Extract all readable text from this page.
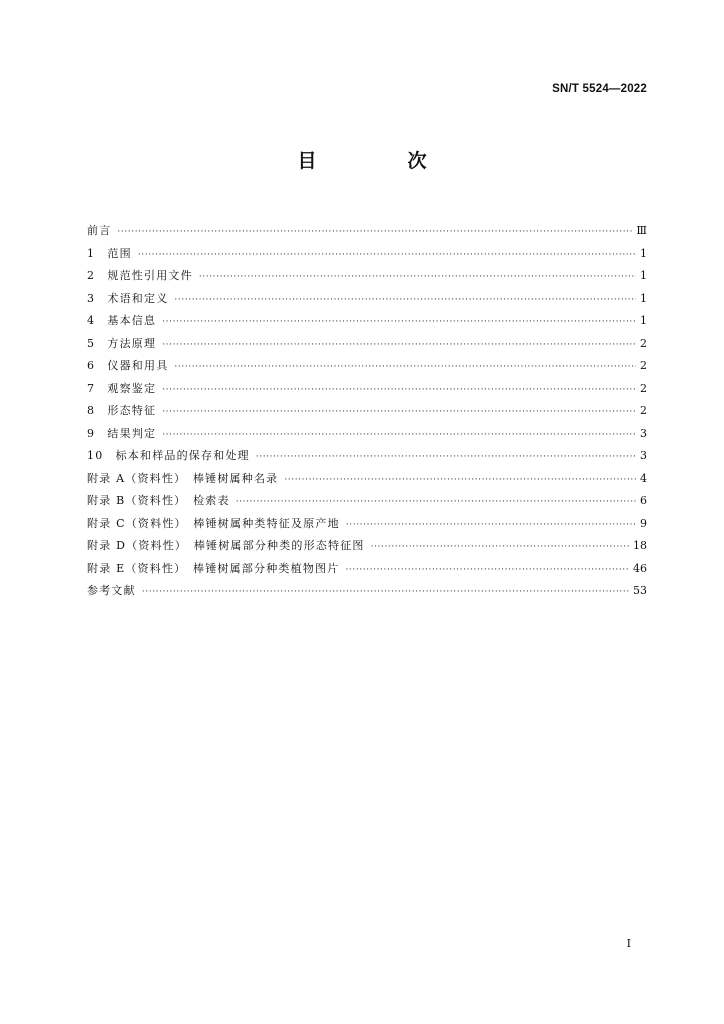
SN/T 5524—2022
目　次
前言 ·····	Ⅲ
1　范围 ·····	1
2　规范性引用文件 ·····	1
3　术语和定义 ·····	1
4　基本信息 ·····	1
5　方法原理 ·····	2
6　仪器和用具 ·····	2
7　观察鉴定 ·····	2
8　形态特征 ·····	2
9　结果判定 ·····	3
10　标本和样品的保存和处理 ·····	3
附录 A（资料性）　棒锤树属种名录 ·····	4
附录 B（资料性）　检索表 ·····	6
附录 C（资料性）　棒锤树属种类特征及原产地 ·····	9
附录 D（资料性）　棒锤树属部分种类的形态特征图 ·····	18
附录 E（资料性）　棒锤树属部分种类植物图片 ·····	46
参考文献 ·····	53
I
